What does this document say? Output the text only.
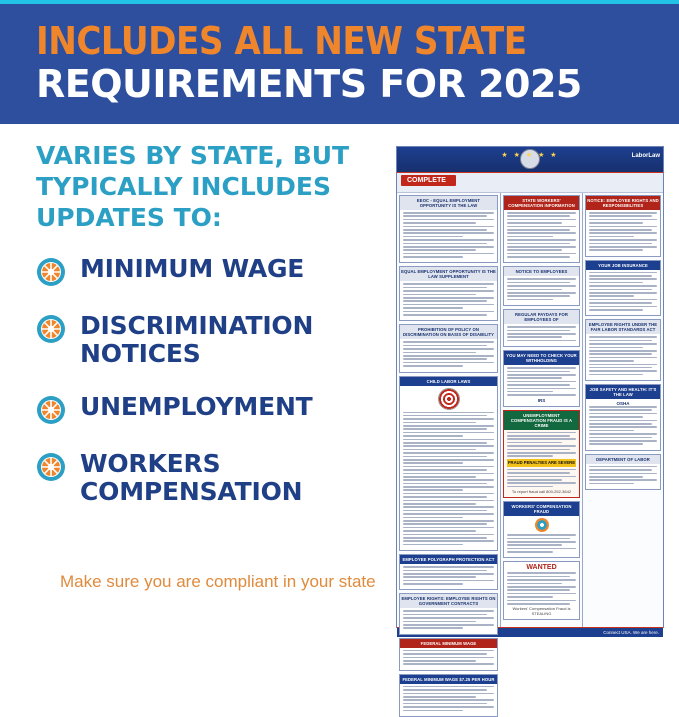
INCLUDES ALL NEW STATE
REQUIREMENTS FOR 2025
VARIES BY STATE, BUT TYPICALLY INCLUDES UPDATES TO:
MINIMUM WAGE
DISCRIMINATION NOTICES
UNEMPLOYMENT
WORKERS COMPENSATION
Make sure you are compliant in your state
★ ★ ★ ★ ★	LaborLaw
COMPLETE
EEOC - EQUAL EMPLOYMENT OPPORTUNITY IS THE LAW
EQUAL EMPLOYMENT OPPORTUNITY IS THE LAW SUPPLEMENT
PROHIBITION OF POLICY ON DISCRIMINATION ON BASIS OF DISABILITY
CHILD LABOR LAWS
EMPLOYEE POLYGRAPH PROTECTION ACT
EMPLOYEE RIGHTS: EMPLOYEE RIGHTS ON GOVERNMENT CONTRACTS
FEDERAL MINIMUM WAGE
FEDERAL MINIMUM WAGE $7.25 PER HOUR
STATE WORKERS' COMPENSATION INFORMATION
NOTICE TO EMPLOYEES
REGULAR PAYDAYS FOR EMPLOYEES OF
YOU MAY NEED TO CHECK YOUR WITHHOLDING
IRS
UNEMPLOYMENT COMPENSATION FRAUD IS A CRIME
FRAUD PENALTIES ARE SEVERE
To report fraud call 800-252-3642
WORKERS' COMPENSATION FRAUD
WANTED
Workers' Compensation Fraud is STEALING
NOTICE: EMPLOYEE RIGHTS AND RESPONSIBILITIES
YOUR JOB INSURANCE
EMPLOYEE RIGHTS UNDER THE FAIR LABOR STANDARDS ACT
JOB SAFETY AND HEALTH: IT'S THE LAW
OSHA
DEPARTMENT OF LABOR
Connect USA. We are here.
